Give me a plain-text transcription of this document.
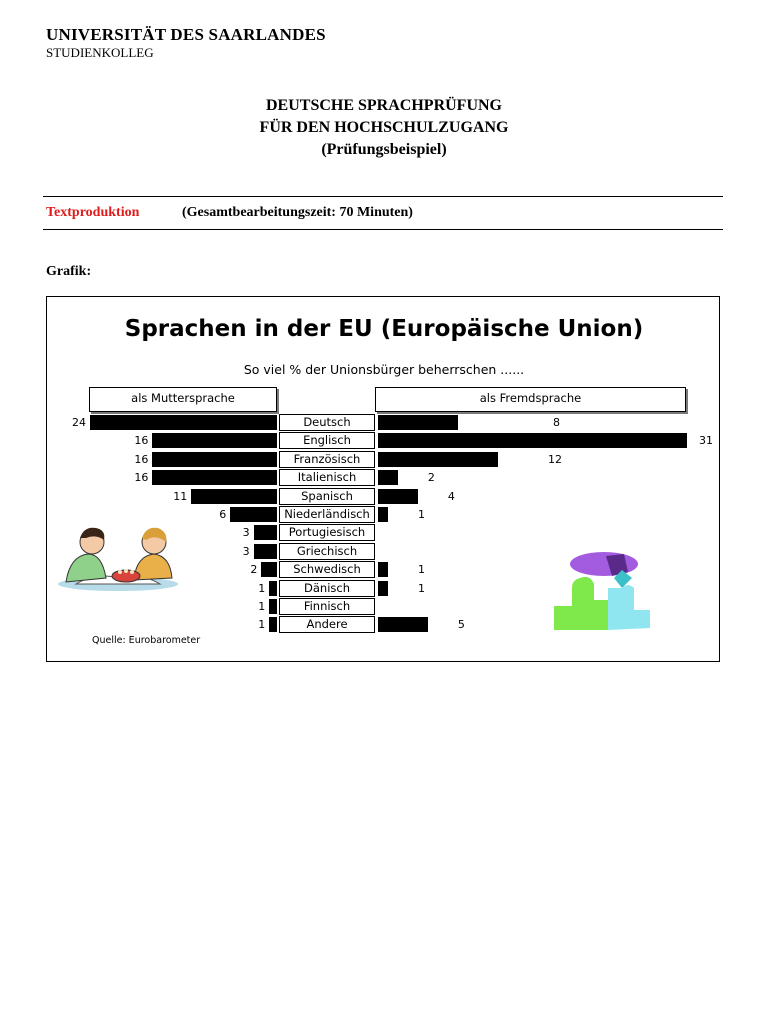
UNIVERSITÄT DES SAARLANDES
STUDIENKOLLEG
DEUTSCHE SPRACHPRÜFUNG
FÜR DEN HOCHSCHULZUGANG
(Prüfungsbeispiel)
Textproduktion	(Gesamtbearbeitungszeit: 70 Minuten)
Grafik:
Sprachen in der EU (Europäische Union)
So viel % der Unionsbürger beherrschen ......
als Muttersprache	als Fremdsprache
Deutsch
24	8
Englisch
16	31
Französisch
16	12
Italienisch
16	2
Spanisch
11	4
Niederländisch
6	1
Portugiesisch
3
Griechisch
3
Schwedisch
2	1
Dänisch
1	1
Finnisch
1
Andere
1	5
Quelle: Eurobarometer
